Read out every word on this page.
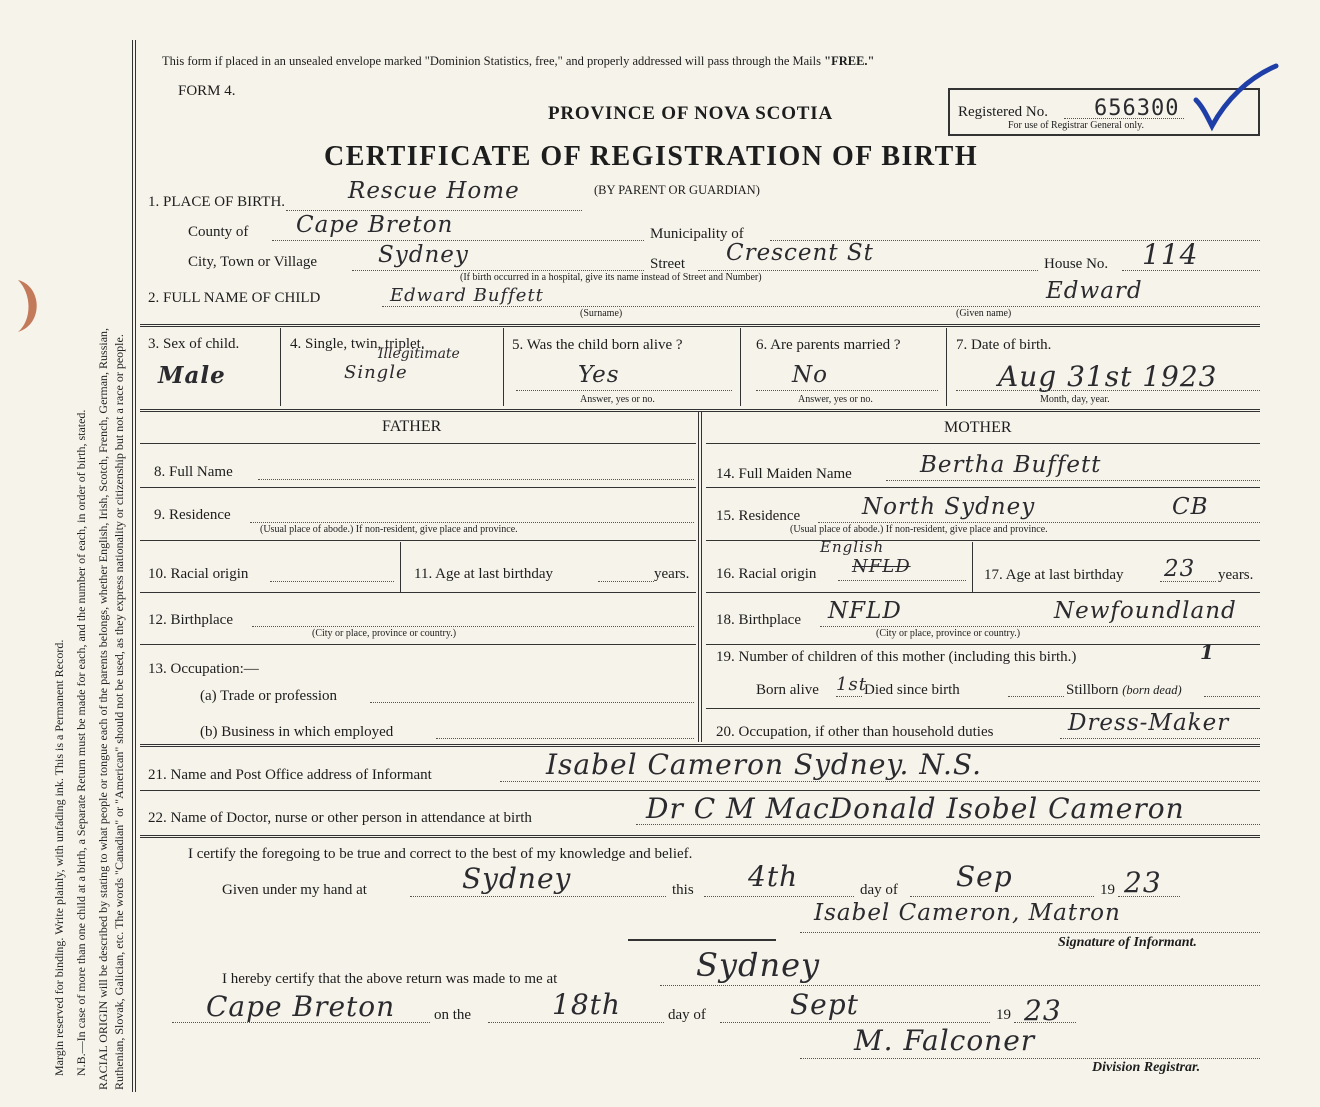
Margin reserved for binding. Write plainly, with unfading ink. This is a Permanent Record. N.B.—In case of more than one child at a birth, a Separate Return must be made for each, and the number of each, in order of birth, stated. RACIAL ORIGIN will be described by stating to what people or tongue each of the parents belongs, whether English, Irish, Scotch, French, German, Russian, Ruthenian, Slovak, Galician, etc. The words "Canadian" or "American" should not be used, as they express nationality or citizenship but not a race or people.
This form if placed in an unsealed envelope marked "Dominion Statistics, free," and properly addressed will pass through the Mails "FREE."
FORM 4.
PROVINCE OF NOVA SCOTIA	Registered No. 656300
For use of Registrar General only.
CERTIFICATE OF REGISTRATION OF BIRTH
(BY PARENT OR GUARDIAN)
1. PLACE OF BIRTH.	Rescue Home
County of Cape Breton	Municipality of
City, Town or Village	Sydney	Street Crescent St
(If birth occurred in a hospital, give its name instead of Street and Number)
House No. 114
2. FULL NAME OF CHILD	Edward Buffett
(Surname)
Edward
(Given name)
3. Sex of child.
Male
4. Single, twin, triplet.
Single
Illegitimate
5. Was the child born alive ?
Yes
Answer, yes or no.
6. Are parents married ?
No
Answer, yes or no.
7. Date of birth.
Aug 31st 1923
Month, day, year.
FATHER	MOTHER
8. Full Name
9. Residence
(Usual place of abode.) If non-resident, give place and province.
10. Racial origin	11. Age at last birthday	years.
12. Birthplace
(City or place, province or country.)
13. Occupation:—
(a) Trade or profession
(b) Business in which employed
14. Full Maiden Name	Bertha Buffett
15. Residence	North Sydney	CB
(Usual place of abode.) If non-resident, give place and province.
16. Racial origin
English
NFLD	17. Age at last birthday 23 years.
18. Birthplace NFLD	Newfoundland
(City or place, province or country.)
19. Number of children of this mother (including this birth.)	1
Born alive 1st
Died since birth	Stillborn (born dead)
20. Occupation, if other than household duties	Dress-Maker
21. Name and Post Office address of Informant	Isabel Cameron Sydney. N.S.
22. Name of Doctor, nurse or other person in attendance at birth	Dr C M MacDonald Isobel Cameron
I certify the foregoing to be true and correct to the best of my knowledge and belief.
Given under my hand at	Sydney	this 4th	day of Sep	19 23
Isabel Cameron, Matron
Signature of Informant.
I hereby certify that the above return was made to me at	Sydney
Cape Breton	on the	18th	day of	Sept	19 23
M. Falconer
Division Registrar.
